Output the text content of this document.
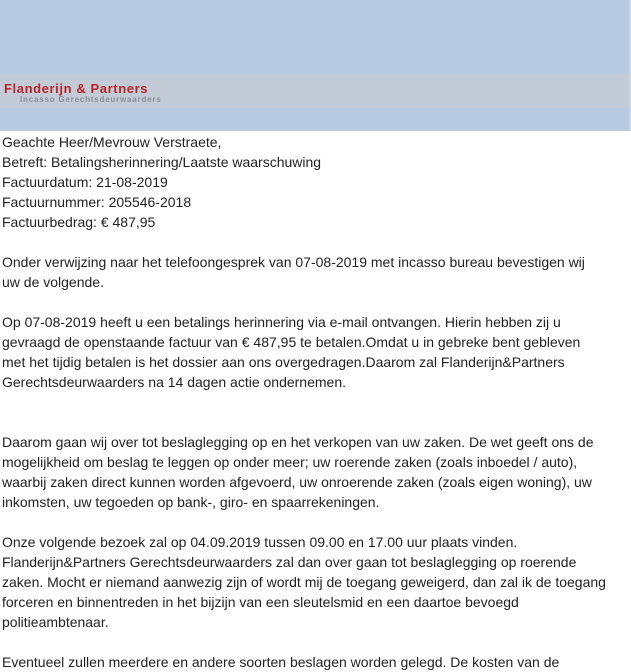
Flanderijn & Partners
Incasso Gerechtsdeurwaarders

Geachte Heer/Mevrouw Verstraete,

Betreft: Betalingsherinnering/Laatste waarschuwing

Factuurdatum: 21-08-2019

Factuurnummer: 205546-2018

Factuurbedrag: € 487,95

Onder verwijzing naar het telefoongesprek van 07-08-2019 met incasso bureau bevestigen wij

uw de volgende.

Op 07-08-2019 heeft u een betalings herinnering via e-mail ontvangen. Hierin hebben zij u

gevraagd de openstaande factuur van € 487,95 te betalen.Omdat u in gebreke bent gebleven

met het tijdig betalen is het dossier aan ons overgedragen.Daarom zal Flanderijn&Partners

Gerechtsdeurwaarders na 14 dagen actie ondernemen.

Daarom gaan wij over tot beslaglegging op en het verkopen van uw zaken. De wet geeft ons de

mogelijkheid om beslag te leggen op onder meer; uw roerende zaken (zoals inboedel / auto),

waarbij zaken direct kunnen worden afgevoerd, uw onroerende zaken (zoals eigen woning), uw

inkomsten, uw tegoeden op bank-, giro- en spaarrekeningen.

Onze volgende bezoek zal op 04.09.2019 tussen 09.00 en 17.00 uur plaats vinden.

Flanderijn&Partners Gerechtsdeurwaarders zal dan over gaan tot beslaglegging op roerende

zaken. Mocht er niemand aanwezig zijn of wordt mij de toegang geweigerd, dan zal ik de toegang

forceren en binnentreden in het bijzijn van een sleutelsmid en een daartoe bevoegd

politieambtenaar.

Eventueel zullen meerdere en andere soorten beslagen worden gelegd. De kosten van de
